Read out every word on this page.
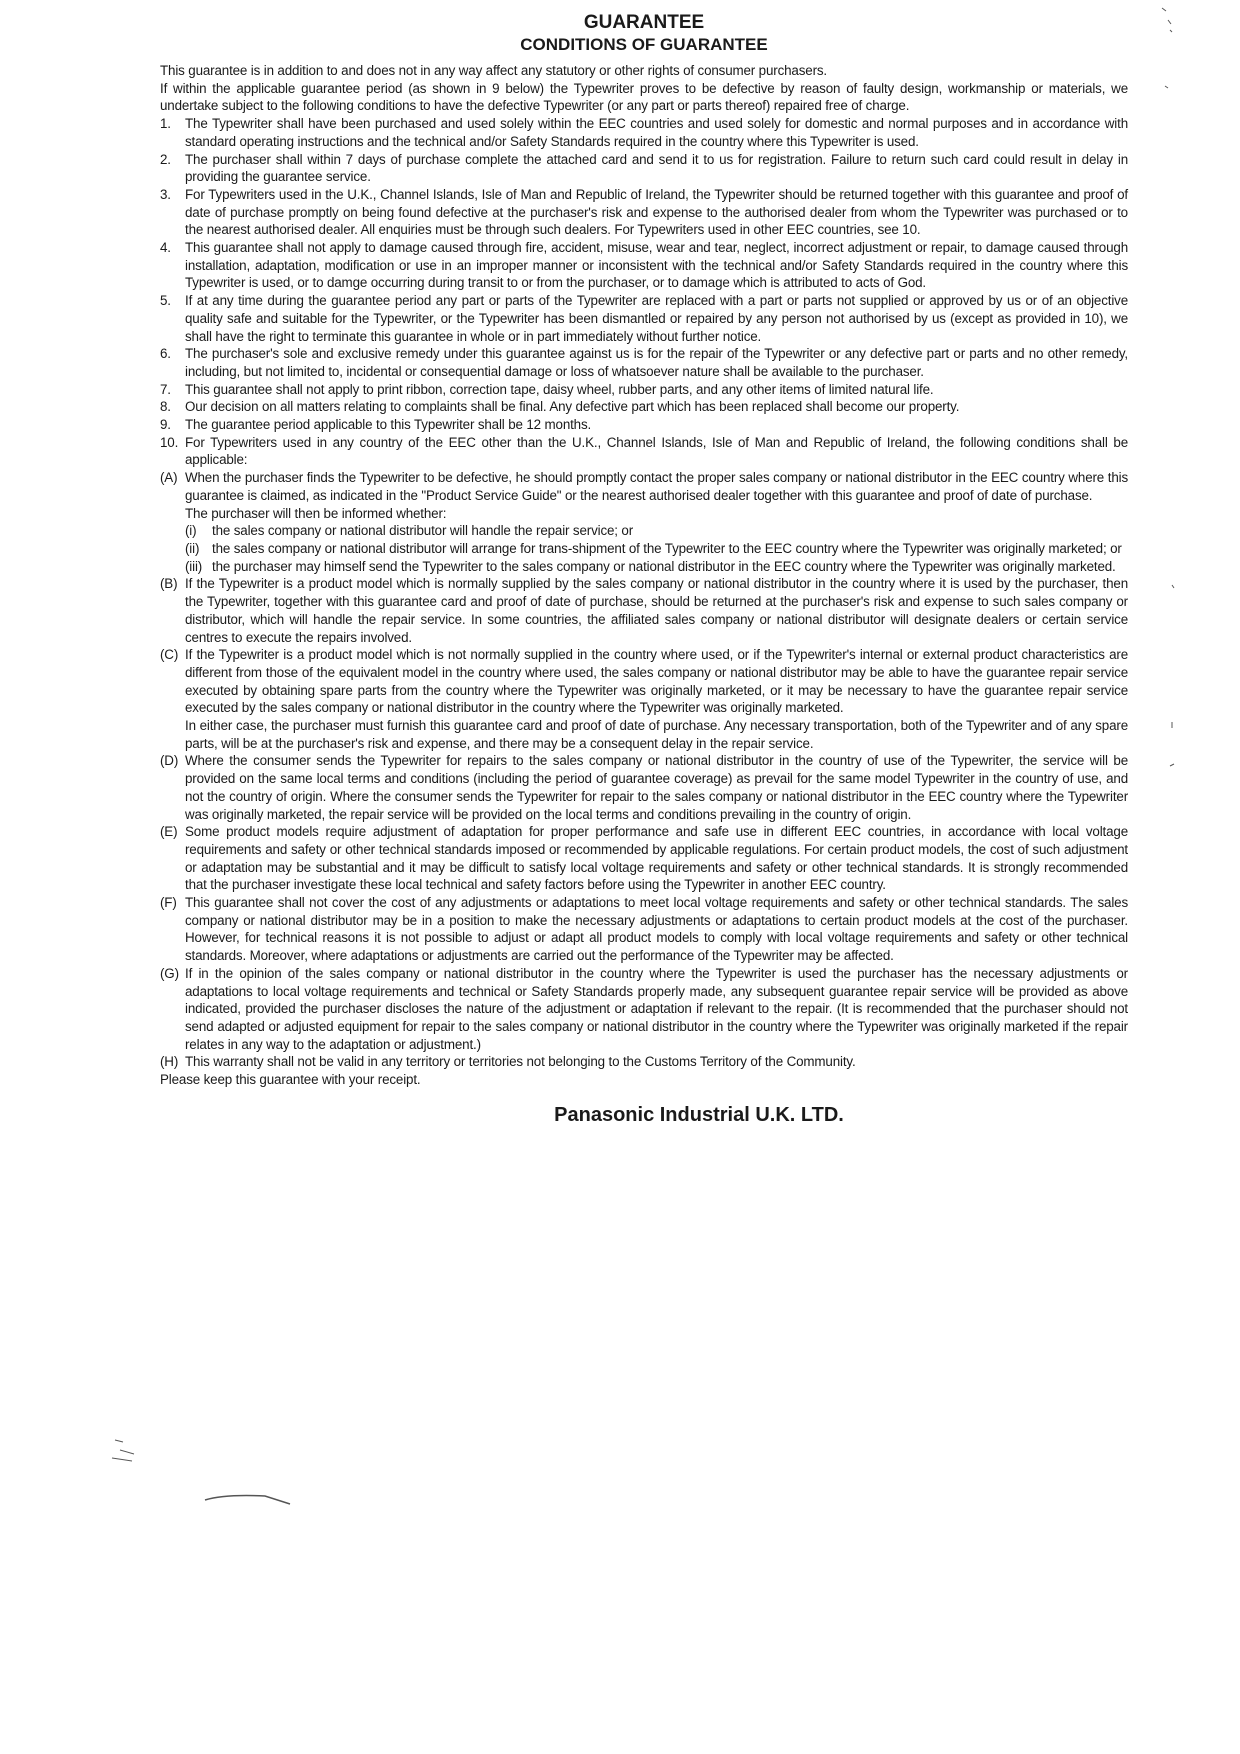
GUARANTEE
CONDITIONS OF GUARANTEE

This guarantee is in addition to and does not in any way affect any statutory or other rights of consumer purchasers.

If within the applicable guarantee period (as shown in 9 below) the Typewriter proves to be defective by reason of faulty design, workmanship or materials, we undertake subject to the following conditions to have the defective Typewriter (or any part or parts thereof) repaired free of charge.

1.	The Typewriter shall have been purchased and used solely within the EEC countries and used solely for domestic and normal purposes and in accordance with standard operating instructions and the technical and/or Safety Standards required in the country where this Typewriter is used.
2.	The purchaser shall within 7 days of purchase complete the attached card and send it to us for registration. Failure to return such card could result in delay in providing the guarantee service.
3.	For Typewriters used in the U.K., Channel Islands, Isle of Man and Republic of Ireland, the Typewriter should be returned together with this guarantee and proof of date of purchase promptly on being found defective at the purchaser's risk and expense to the authorised dealer from whom the Typewriter was purchased or to the nearest authorised dealer. All enquiries must be through such dealers. For Typewriters used in other EEC countries, see 10.
4.	This guarantee shall not apply to damage caused through fire, accident, misuse, wear and tear, neglect, incorrect adjustment or repair, to damage caused through installation, adaptation, modification or use in an improper manner or inconsistent with the technical and/or Safety Standards required in the country where this Typewriter is used, or to damge occurring during transit to or from the purchaser, or to damage which is attributed to acts of God.
5.	If at any time during the guarantee period any part or parts of the Typewriter are replaced with a part or parts not supplied or approved by us or of an objective quality safe and suitable for the Typewriter, or the Typewriter has been dismantled or repaired by any person not authorised by us (except as provided in 10), we shall have the right to terminate this guarantee in whole or in part immediately without further notice.
6.	The purchaser's sole and exclusive remedy under this guarantee against us is for the repair of the Typewriter or any defective part or parts and no other remedy, including, but not limited to, incidental or consequential damage or loss of whatsoever nature shall be available to the purchaser.
7.	This guarantee shall not apply to print ribbon, correction tape, daisy wheel, rubber parts, and any other items of limited natural life.
8.	Our decision on all matters relating to complaints shall be final. Any defective part which has been replaced shall become our property.
9.	The guarantee period applicable to this Typewriter shall be 12 months.
10. For Typewriters used in any country of the EEC other than the U.K., Channel Islands, Isle of Man and Republic of Ireland, the following conditions shall be applicable:
(A) When the purchaser finds the Typewriter to be defective, he should promptly contact the proper sales company or national distributor in the EEC country where this guarantee is claimed, as indicated in the "Product Service Guide" or the nearest authorised dealer together with this guarantee and proof of date of purchase.

The purchaser will then be informed whether:

(i)	the sales company or national distributor will handle the repair service; or
(ii) the sales company or national distributor will arrange for trans-shipment of the Typewriter to the EEC country where the Typewriter was originally marketed; or
(iii) the purchaser may himself send the Typewriter to the sales company or national distributor in the EEC country where the Typewriter was originally marketed.
(B) If the Typewriter is a product model which is normally supplied by the sales company or national distributor in the country where it is used by the purchaser, then the Typewriter, together with this guarantee card and proof of date of purchase, should be returned at the purchaser's risk and expense to such sales company or distributor, which will handle the repair service. In some countries, the affiliated sales company or national distributor will designate dealers or certain service centres to execute the repairs involved.
(C) If the Typewriter is a product model which is not normally supplied in the country where used, or if the Typewriter's internal or external product characteristics are different from those of the equivalent model in the country where used, the sales company or national distributor may be able to have the guarantee repair service executed by obtaining spare parts from the country where the Typewriter was originally marketed, or it may be necessary to have the guarantee repair service executed by the sales company or national distributor in the country where the Typewriter was originally marketed.

In either case, the purchaser must furnish this guarantee card and proof of date of purchase. Any necessary transportation, both of the Typewriter and of any spare parts, will be at the purchaser's risk and expense, and there may be a consequent delay in the repair service.

(D) Where the consumer sends the Typewriter for repairs to the sales company or national distributor in the country of use of the Typewriter, the service will be provided on the same local terms and conditions (including the period of guarantee coverage) as prevail for the same model Typewriter in the country of use, and not the country of origin. Where the consumer sends the Typewriter for repair to the sales company or national distributor in the EEC country where the Typewriter was originally marketed, the repair service will be provided on the local terms and conditions prevailing in the country of origin.
(E) Some product models require adjustment of adaptation for proper performance and safe use in different EEC countries, in accordance with local voltage requirements and safety or other technical standards imposed or recommended by applicable regulations. For certain product models, the cost of such adjustment or adaptation may be substantial and it may be difficult to satisfy local voltage requirements and safety or other technical standards. It is strongly recommended that the purchaser investigate these local technical and safety factors before using the Typewriter in another EEC country.
(F) This guarantee shall not cover the cost of any adjustments or adaptations to meet local voltage requirements and safety or other technical standards. The sales company or national distributor may be in a position to make the necessary adjustments or adaptations to certain product models at the cost of the purchaser. However, for technical reasons it is not possible to adjust or adapt all product models to comply with local voltage requirements and safety or other technical standards. Moreover, where adaptations or adjustments are carried out the performance of the Typewriter may be affected.
(G) If in the opinion of the sales company or national distributor in the country where the Typewriter is used the purchaser has the necessary adjustments or adaptations to local voltage requirements and technical or Safety Standards properly made, any subsequent guarantee repair service will be provided as above indicated, provided the purchaser discloses the nature of the adjustment or adaptation if relevant to the repair. (It is recommended that the purchaser should not send adapted or adjusted equipment for repair to the sales company or national distributor in the country where the Typewriter was originally marketed if the repair relates in any way to the adaptation or adjustment.)
(H) This warranty shall not be valid in any territory or territories not belonging to the Customs Territory of the Community.

Please keep this guarantee with your receipt.

Panasonic Industrial U.K. LTD.
